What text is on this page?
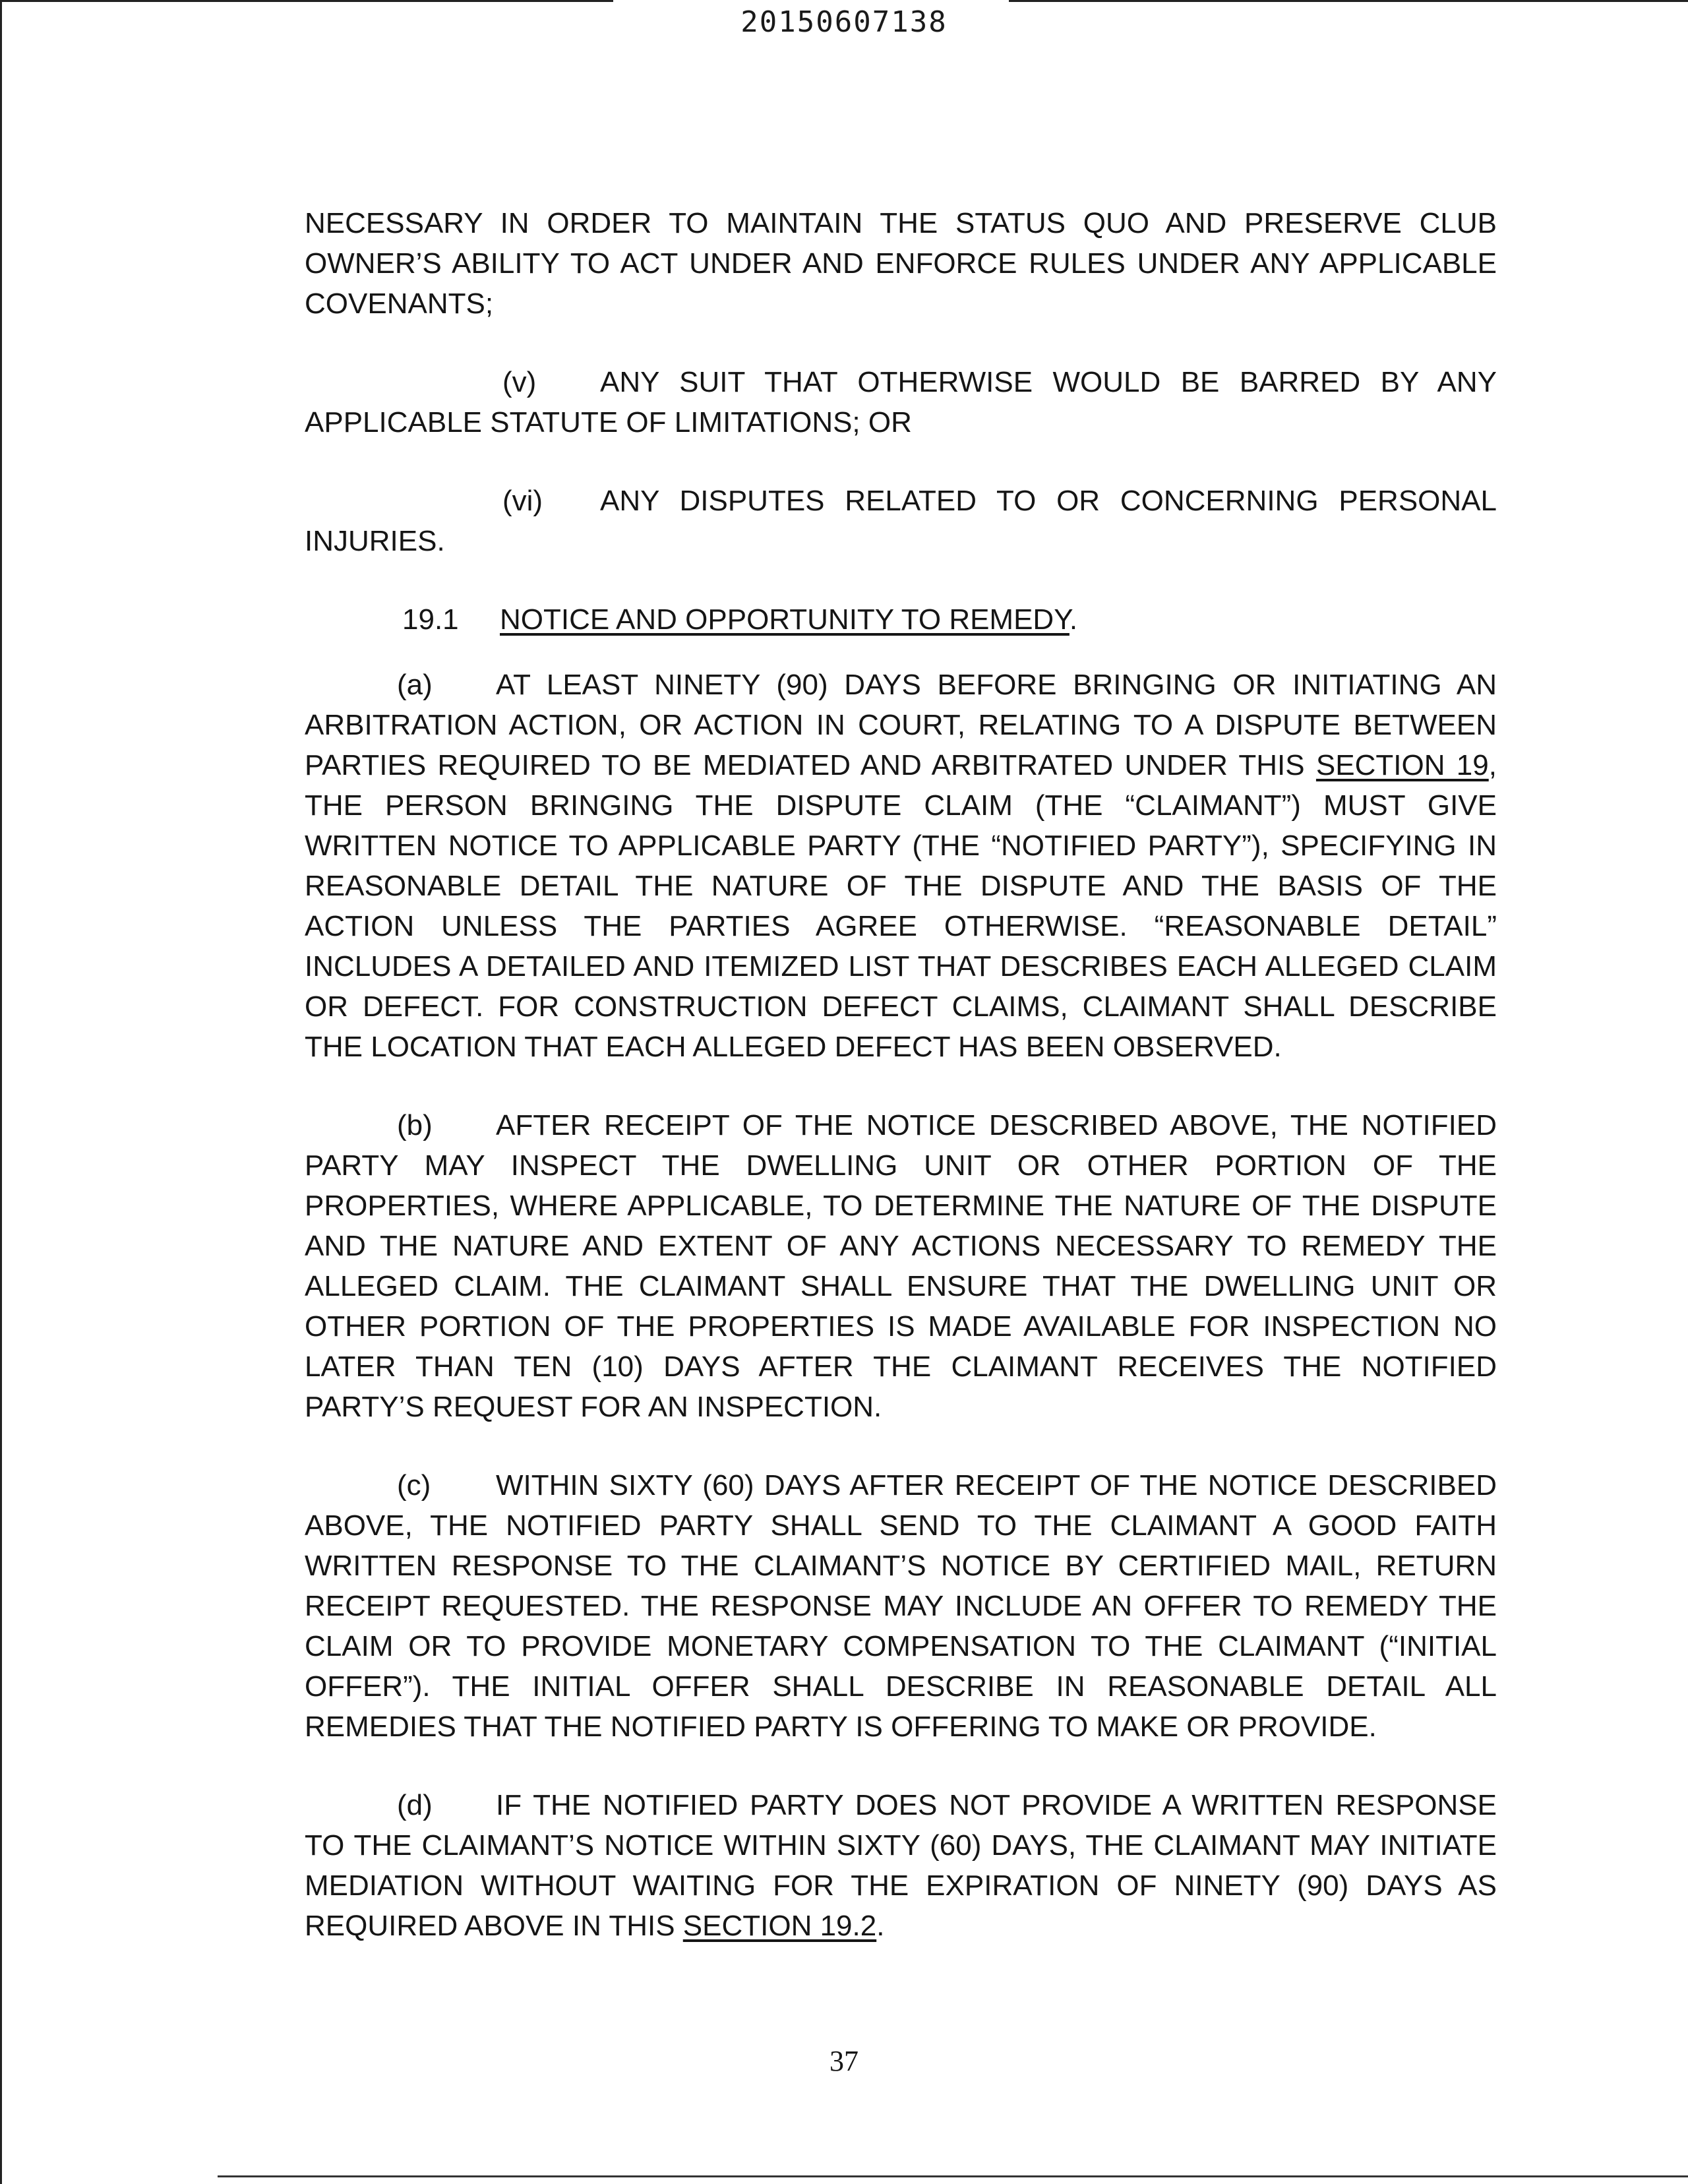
20150607138

NECESSARY IN ORDER TO MAINTAIN THE STATUS QUO AND PRESERVE CLUB OWNER’S ABILITY TO ACT UNDER AND ENFORCE RULES UNDER ANY APPLICABLE COVENANTS;

(v) ANY SUIT THAT OTHERWISE WOULD BE BARRED BY ANY APPLICABLE STATUTE OF LIMITATIONS; OR

(vi) ANY DISPUTES RELATED TO OR CONCERNING PERSONAL INJURIES.

19.1 NOTICE AND OPPORTUNITY TO REMEDY.

(a) AT LEAST NINETY (90) DAYS BEFORE BRINGING OR INITIATING AN ARBITRATION ACTION, OR ACTION IN COURT, RELATING TO A DISPUTE BETWEEN PARTIES REQUIRED TO BE MEDIATED AND ARBITRATED UNDER THIS SECTION 19, THE PERSON BRINGING THE DISPUTE CLAIM (THE “CLAIMANT”) MUST GIVE WRITTEN NOTICE TO APPLICABLE PARTY (THE “NOTIFIED PARTY”), SPECIFYING IN REASONABLE DETAIL THE NATURE OF THE DISPUTE AND THE BASIS OF THE ACTION UNLESS THE PARTIES AGREE OTHERWISE. “REASONABLE DETAIL” INCLUDES A DETAILED AND ITEMIZED LIST THAT DESCRIBES EACH ALLEGED CLAIM OR DEFECT. FOR CONSTRUCTION DEFECT CLAIMS, CLAIMANT SHALL DESCRIBE THE LOCATION THAT EACH ALLEGED DEFECT HAS BEEN OBSERVED.

(b) AFTER RECEIPT OF THE NOTICE DESCRIBED ABOVE, THE NOTIFIED PARTY MAY INSPECT THE DWELLING UNIT OR OTHER PORTION OF THE PROPERTIES, WHERE APPLICABLE, TO DETERMINE THE NATURE OF THE DISPUTE AND THE NATURE AND EXTENT OF ANY ACTIONS NECESSARY TO REMEDY THE ALLEGED CLAIM. THE CLAIMANT SHALL ENSURE THAT THE DWELLING UNIT OR OTHER PORTION OF THE PROPERTIES IS MADE AVAILABLE FOR INSPECTION NO LATER THAN TEN (10) DAYS AFTER THE CLAIMANT RECEIVES THE NOTIFIED PARTY’S REQUEST FOR AN INSPECTION.

(c) WITHIN SIXTY (60) DAYS AFTER RECEIPT OF THE NOTICE DESCRIBED ABOVE, THE NOTIFIED PARTY SHALL SEND TO THE CLAIMANT A GOOD FAITH WRITTEN RESPONSE TO THE CLAIMANT’S NOTICE BY CERTIFIED MAIL, RETURN RECEIPT REQUESTED. THE RESPONSE MAY INCLUDE AN OFFER TO REMEDY THE CLAIM OR TO PROVIDE MONETARY COMPENSATION TO THE CLAIMANT (“INITIAL OFFER”). THE INITIAL OFFER SHALL DESCRIBE IN REASONABLE DETAIL ALL REMEDIES THAT THE NOTIFIED PARTY IS OFFERING TO MAKE OR PROVIDE.

(d) IF THE NOTIFIED PARTY DOES NOT PROVIDE A WRITTEN RESPONSE TO THE CLAIMANT’S NOTICE WITHIN SIXTY (60) DAYS, THE CLAIMANT MAY INITIATE MEDIATION WITHOUT WAITING FOR THE EXPIRATION OF NINETY (90) DAYS AS REQUIRED ABOVE IN THIS SECTION 19.2.

37
